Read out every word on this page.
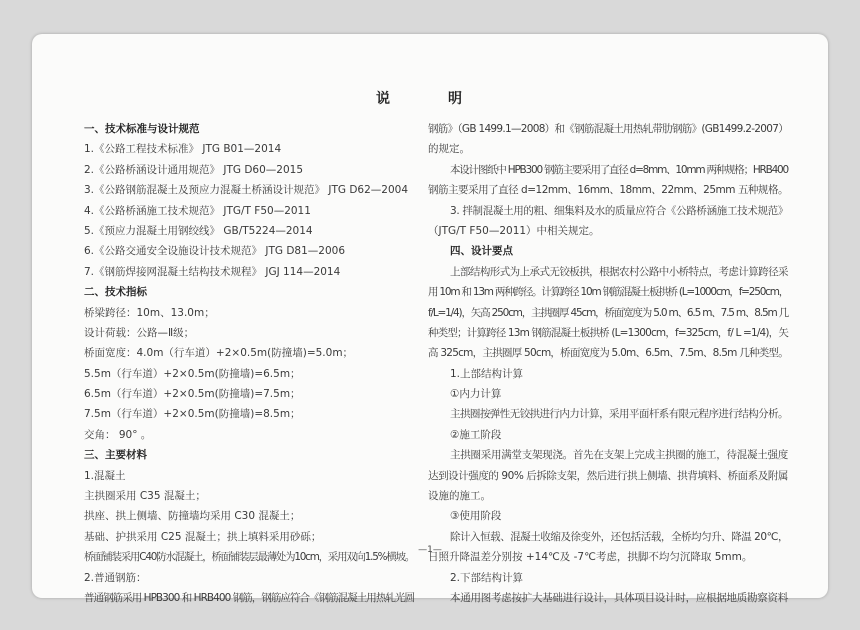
说　明
一、技术标准与设计规范
1.《公路工程技术标准》 JTG B01—2014
2.《公路桥涵设计通用规范》 JTG D60—2015
3.《公路钢筋混凝土及预应力混凝土桥涵设计规范》 JTG D62—2004
4.《公路桥涵施工技术规范》 JTG/T F50—2011
5.《预应力混凝土用钢绞线》 GB/T5224—2014
6.《公路交通安全设施设计技术规范》 JTG D81—2006
7.《钢筋焊接网混凝土结构技术规程》 JGJ 114—2014
二、技术指标
桥梁跨径：10m、13.0m；
设计荷载：公路—Ⅱ级；
桥面宽度：4.0m（行车道）+2×0.5m(防撞墙)=5.0m；
5.5m（行车道）+2×0.5m(防撞墙)=6.5m；
6.5m（行车道）+2×0.5m(防撞墙)=7.5m；
7.5m（行车道）+2×0.5m(防撞墙)=8.5m；
交角： 90° 。
三、主要材料
1.混凝土
主拱圈采用 C35 混凝土；
拱座、拱上侧墙、防撞墙均采用 C30 混凝土；
基础、护拱采用 C25 混凝土；拱上填料采用砂砾；
桥面铺装采用C40防水混凝土，桥面铺装层最薄处为10cm，采用双向1.5%横坡。
2.普通钢筋：
普通钢筋采用 HPB300 和 HRB400 钢筋，钢筋应符合《钢筋混凝土用热轧光圆
钢筋》（GB 1499.1—2008）和《钢筋混凝土用热轧带肋钢筋》(GB1499.2-2007）
的规定。
本设计图纸中 HPB300 钢筋主要采用了直径 d=8mm、10mm 两种规格；HRB400
钢筋主要采用了直径 d=12mm、16mm、18mm、22mm、25mm 五种规格。
3. 拌制混凝土用的粗、细集料及水的质量应符合《公路桥涵施工技术规范》
（JTG/T F50—2011）中相关规定。
四、设计要点
上部结构形式为上承式无铰板拱，根据农村公路中小桥特点，考虑计算跨径采
用 10m 和 13m 两种跨径。计算跨径 10m 钢筋混凝土板拱桥 (L=1000cm，f=250cm，
f/L=1/4)，矢高 250cm，主拱圈厚 45cm，桥面宽度为 5.0 m、6.5 m、7.5 m、8.5m 几
种类型；计算跨径 13m 钢筋混凝土板拱桥 (L=1300cm，f=325cm，f/ L =1/4)，矢
高 325cm，主拱圈厚 50cm，桥面宽度为 5.0m、6.5m、7.5m、8.5m 几种类型。
1.上部结构计算
①内力计算
主拱圈按弹性无铰拱进行内力计算，采用平面杆系有限元程序进行结构分析。
②施工阶段
主拱圈采用满堂支架现浇。首先在支架上完成主拱圈的施工，待混凝土强度
达到设计强度的 90% 后拆除支架，然后进行拱上侧墙、拱背填料、桥面系及附属
设施的施工。
③使用阶段
除计入恒载、混凝土收缩及徐变外，还包括活载，全桥均匀升、降温 20℃，
日照升降温差分别按 +14℃及 -7℃考虑，拱脚不均匀沉降取 5mm。
2.下部结构计算
本通用图考虑按扩大基础进行设计，具体项目设计时，应根据地质勘察资料
—1—
